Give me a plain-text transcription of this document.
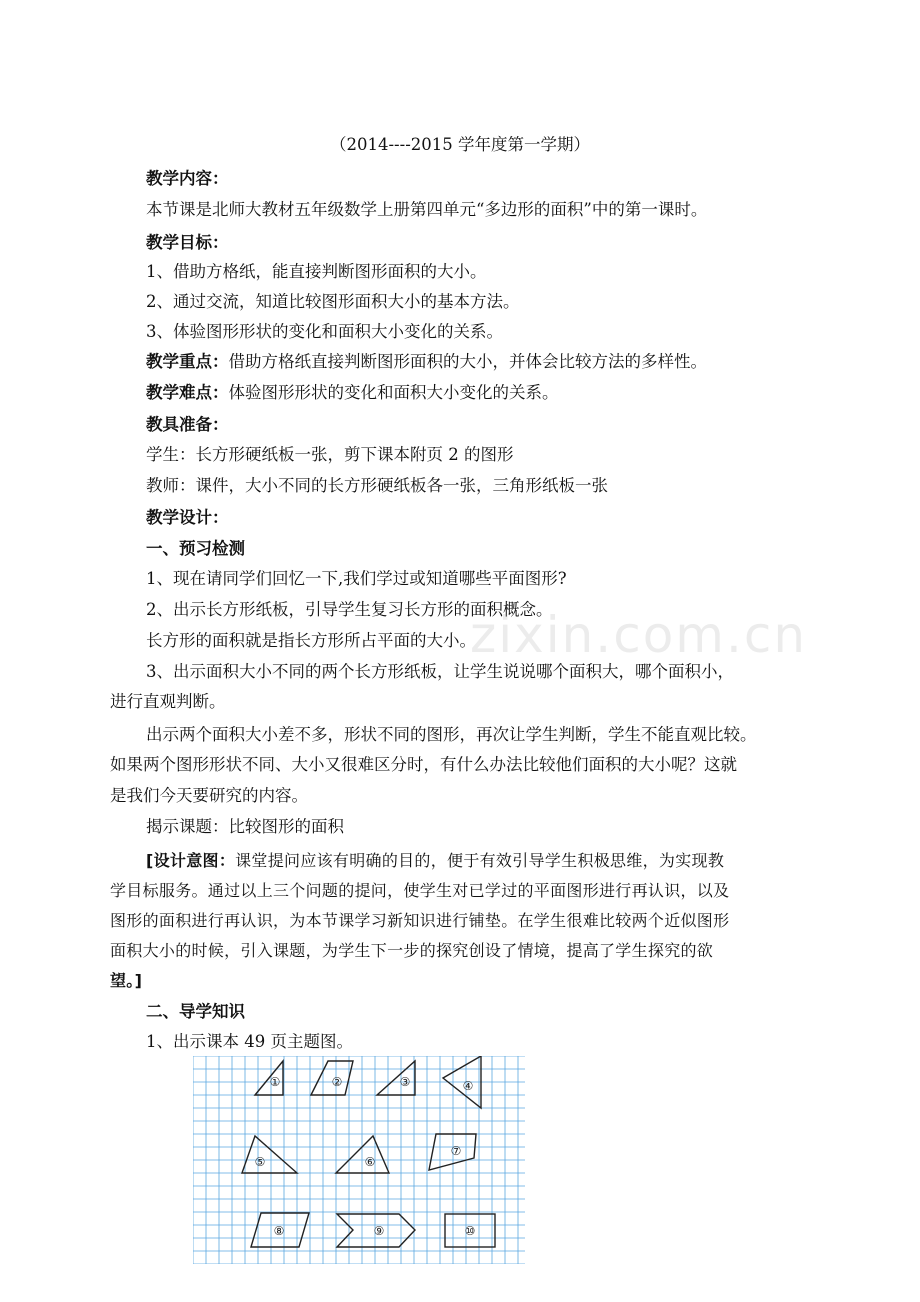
（2014----2015 学年度第一学期）
教学内容：
本节课是北师大教材五年级数学上册第四单元“多边形的面积”中的第一课时。
教学目标：
1、借助方格纸，能直接判断图形面积的大小。
2、通过交流，知道比较图形面积大小的基本方法。
3、体验图形形状的变化和面积大小变化的关系。
教学重点：借助方格纸直接判断图形面积的大小，并体会比较方法的多样性。
教学难点：体验图形形状的变化和面积大小变化的关系。
教具准备：
学生：长方形硬纸板一张，剪下课本附页 2 的图形
教师：课件，大小不同的长方形硬纸板各一张，三角形纸板一张
教学设计：
一、预习检测
1、现在请同学们回忆一下,我们学过或知道哪些平面图形?
2、出示长方形纸板，引导学生复习长方形的面积概念。
长方形的面积就是指长方形所占平面的大小。
3、出示面积大小不同的两个长方形纸板，让学生说说哪个面积大，哪个面积小，
进行直观判断。
出示两个面积大小差不多，形状不同的图形，再次让学生判断，学生不能直观比较。
如果两个图形形状不同、大小又很难区分时，有什么办法比较他们面积的大小呢？这就
是我们今天要研究的内容。
揭示课题：比较图形的面积
[设计意图：课堂提问应该有明确的目的，便于有效引导学生积极思维，为实现教
学目标服务。通过以上三个问题的提问，使学生对已学过的平面图形进行再认识，以及
图形的面积进行再认识，为本节课学习新知识进行铺垫。在学生很难比较两个近似图形
面积大小的时候，引入课题，为学生下一步的探究创设了情境，提高了学生探究的欲
望。]
二、导学知识
1、出示课本 49 页主题图。
zixin.com.cn
①	②	③	④
⑤	⑥
⑦
⑧	⑨	⑩
